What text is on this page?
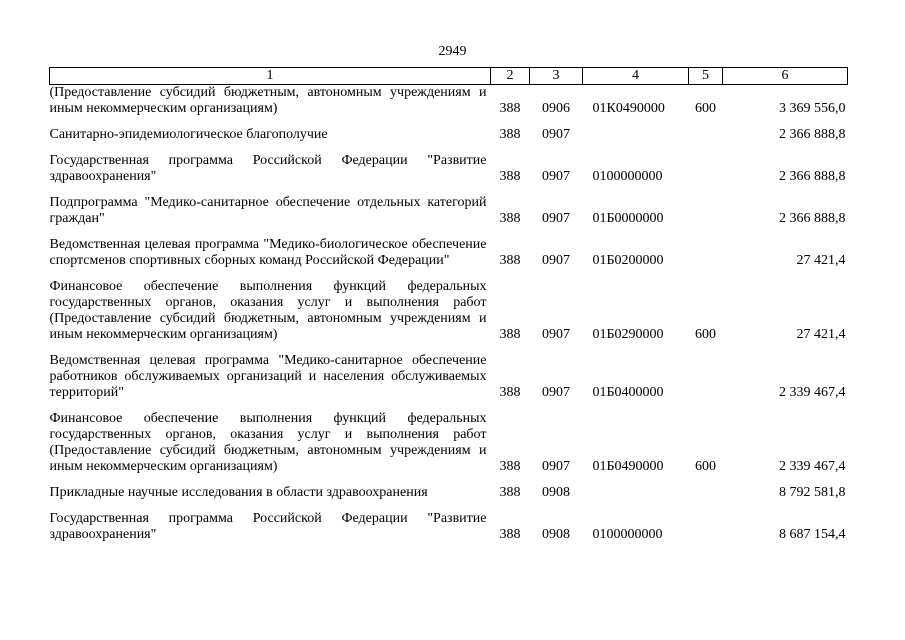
2949
1	2	3	4	5	6
(Предоставление субсидий бюджетным, автономным учреждениям и иным некоммерческим организациям)	388	0906	01К0490000	600	3 369 556,0
Санитарно-эпидемиологическое благополучие	388	0907			2 366 888,8
Государственная программа Российской Федерации "Развитие здравоохранения"	388	0907	0100000000		2 366 888,8
Подпрограмма "Медико-санитарное обеспечение отдельных категорий граждан"	388	0907	01Б0000000		2 366 888,8
Ведомственная целевая программа "Медико-биологическое обеспечение спортсменов спортивных сборных команд Российской Федерации"	388	0907	01Б0200000		27 421,4
Финансовое обеспечение выполнения функций федеральных государственных органов, оказания услуг и выполнения работ (Предоставление субсидий бюджетным, автономным учреждениям и иным некоммерческим организациям)	388	0907	01Б0290000	600	27 421,4
Ведомственная целевая программа "Медико-санитарное обеспечение работников обслуживаемых организаций и населения обслуживаемых территорий"	388	0907	01Б0400000		2 339 467,4
Финансовое обеспечение выполнения функций федеральных государственных органов, оказания услуг и выполнения работ (Предоставление субсидий бюджетным, автономным учреждениям и иным некоммерческим организациям)	388	0907	01Б0490000	600	2 339 467,4
Прикладные научные исследования в области здравоохранения	388	0908			8 792 581,8
Государственная программа Российской Федерации "Развитие здравоохранения"	388	0908	0100000000		8 687 154,4
